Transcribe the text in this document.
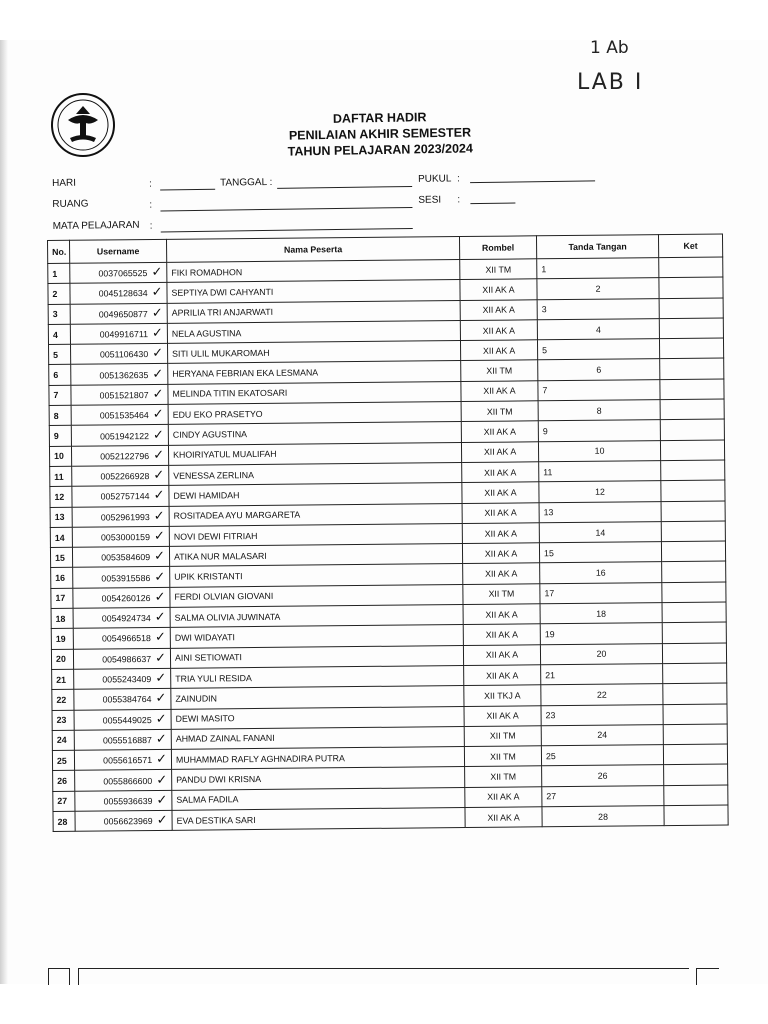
1 Ab
LAB I
DAFTAR HADIR
PENILAIAN AKHIR SEMESTER
TAHUN PELAJARAN 2023/2024
HARI	:	TANGGAL :	PUKUL :
RUANG	:	SESI :
MATA PELAJARAN :
No.	Username	Nama Peserta	Rombel	Tanda Tangan	Ket
1	0037065525 ✓	FIKI ROMADHON	XII TM	1	
2	0045128634 ✓	SEPTIYA DWI CAHYANTI	XII AK A	2	
3	0049650877 ✓	APRILIA TRI ANJARWATI	XII AK A	3	
4	0049916711 ✓	NELA AGUSTINA	XII AK A	4	
5	0051106430 ✓	SITI ULIL MUKAROMAH	XII AK A	5	
6	0051362635 ✓	HERYANA FEBRIAN EKA LESMANA	XII TM	6	
7	0051521807 ✓	MELINDA TITIN EKATOSARI	XII AK A	7	
8	0051535464 ✓	EDU EKO PRASETYO	XII TM	8	
9	0051942122 ✓	CINDY AGUSTINA	XII AK A	9	
10	0052122796 ✓	KHOIRIYATUL MUALIFAH	XII AK A	10	
11	0052266928 ✓	VENESSA ZERLINA	XII AK A	11	
12	0052757144 ✓	DEWI HAMIDAH	XII AK A	12	
13	0052961993 ✓	ROSITADEA AYU MARGARETA	XII AK A	13	
14	0053000159 ✓	NOVI DEWI FITRIAH	XII AK A	14	
15	0053584609 ✓	ATIKA NUR MALASARI	XII AK A	15	
16	0053915586 ✓	UPIK KRISTANTI	XII AK A	16	
17	0054260126 ✓	FERDI OLVIAN GIOVANI	XII TM	17	
18	0054924734 ✓	SALMA OLIVIA JUWINATA	XII AK A	18	
19	0054966518 ✓	DWI WIDAYATI	XII AK A	19	
20	0054986637 ✓	AINI SETIOWATI	XII AK A	20	
21	0055243409 ✓	TRIA YULI RESIDA	XII AK A	21	
22	0055384764 ✓	ZAINUDIN	XII TKJ A	22	
23	0055449025 ✓	DEWI MASITO	XII AK A	23	
24	0055516887 ✓	AHMAD ZAINAL FANANI	XII TM	24	
25	0055616571 ✓	MUHAMMAD RAFLY AGHNADIRA PUTRA	XII TM	25	
26	0055866600 ✓	PANDU DWI KRISNA	XII TM	26	
27	0055936639 ✓	SALMA FADILA	XII AK A	27	
28	0056623969 ✓	EVA DESTIKA SARI	XII AK A	28	
